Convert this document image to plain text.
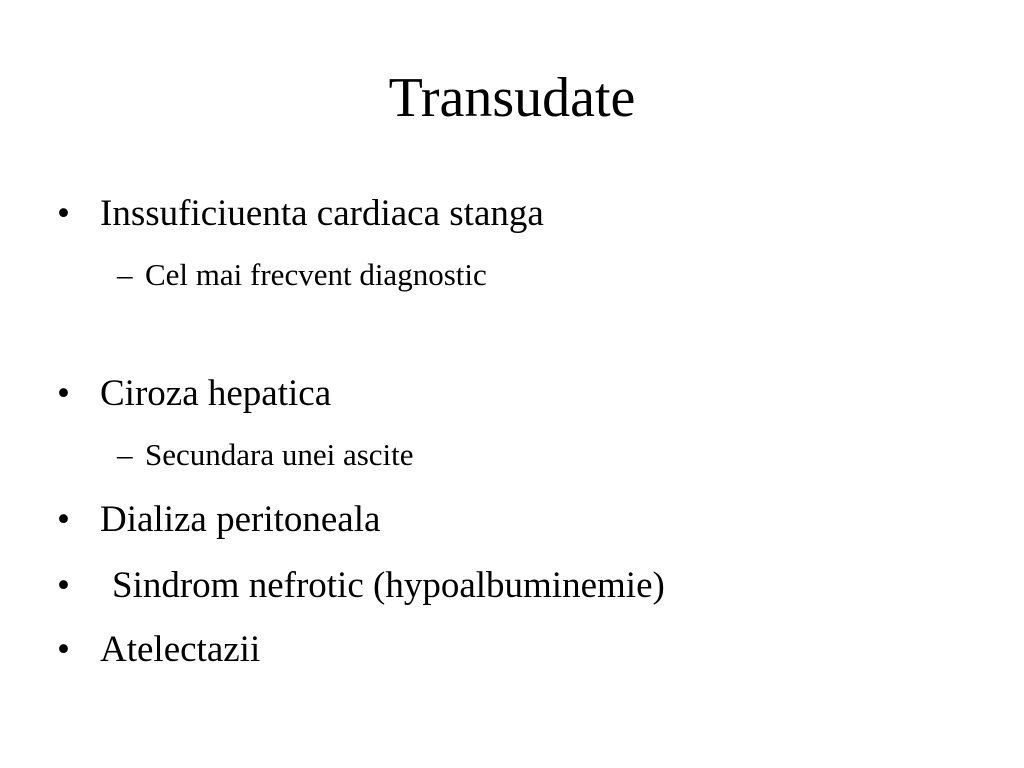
Transudate
• Inssuficiuenta cardiaca stanga
– Cel mai frecvent diagnostic
• Ciroza hepatica
– Secundara unei ascite
• Dializa peritoneala
• Sindrom nefrotic (hypoalbuminemie)
• Atelectazii
